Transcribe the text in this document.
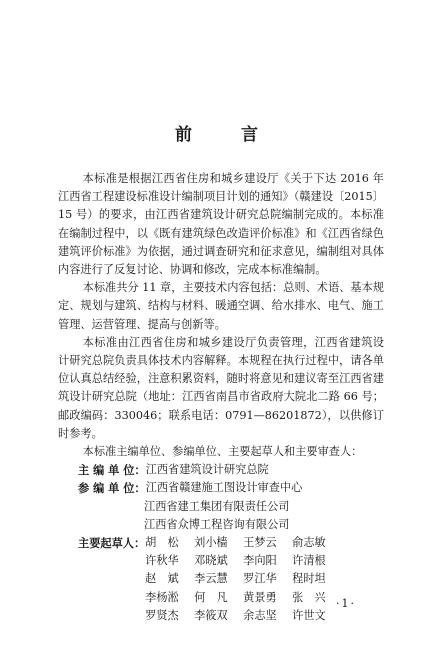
前　言

本标准是根据江西省住房和城乡建设厅《关于下达 2016 年江西省工程建设标准设计编制项目计划的通知》（赣建设〔2015〕15 号）的要求，由江西省建筑设计研究总院编制完成的。本标准在编制过程中，以《既有建筑绿色改造评价标准》和《江西省绿色建筑评价标准》为依据，通过调查研究和征求意见，编制组对具体内容进行了反复讨论、协调和修改，完成本标准编制。

本标准共分 11 章，主要技术内容包括：总则、术语、基本规定、规划与建筑、结构与材料、暖通空调、给水排水、电气、施工管理、运营管理、提高与创新等。

本标准由江西省住房和城乡建设厅负责管理，江西省建筑设计研究总院负责具体技术内容解释。本规程在执行过程中，请各单位认真总结经验，注意积累资料，随时将意见和建议寄至江西省建筑设计研究总院（地址：江西省南昌市省政府大院北二路 66 号；邮政编码：330046；联系电话：0791—86201872），以供修订时参考。

本标准主编单位、参编单位、主要起草人和主要审查人：

主 编 单 位： 江西省建筑设计研究总院
参 编 单 位： 江西省赣建施工图设计审查中心
江西省建工集团有限责任公司
江西省众博工程咨询有限公司
主要起草人： 胡　松	刘小樯	王梦云	俞志敏
许秋华	邓晓斌	李向阳	许清根
赵　斌	李云慧	罗江华	程时坦
李杨淞	何　凡	黄景勇	张　兴
罗贤杰	李筱双	余志坚	许世文
·1·
